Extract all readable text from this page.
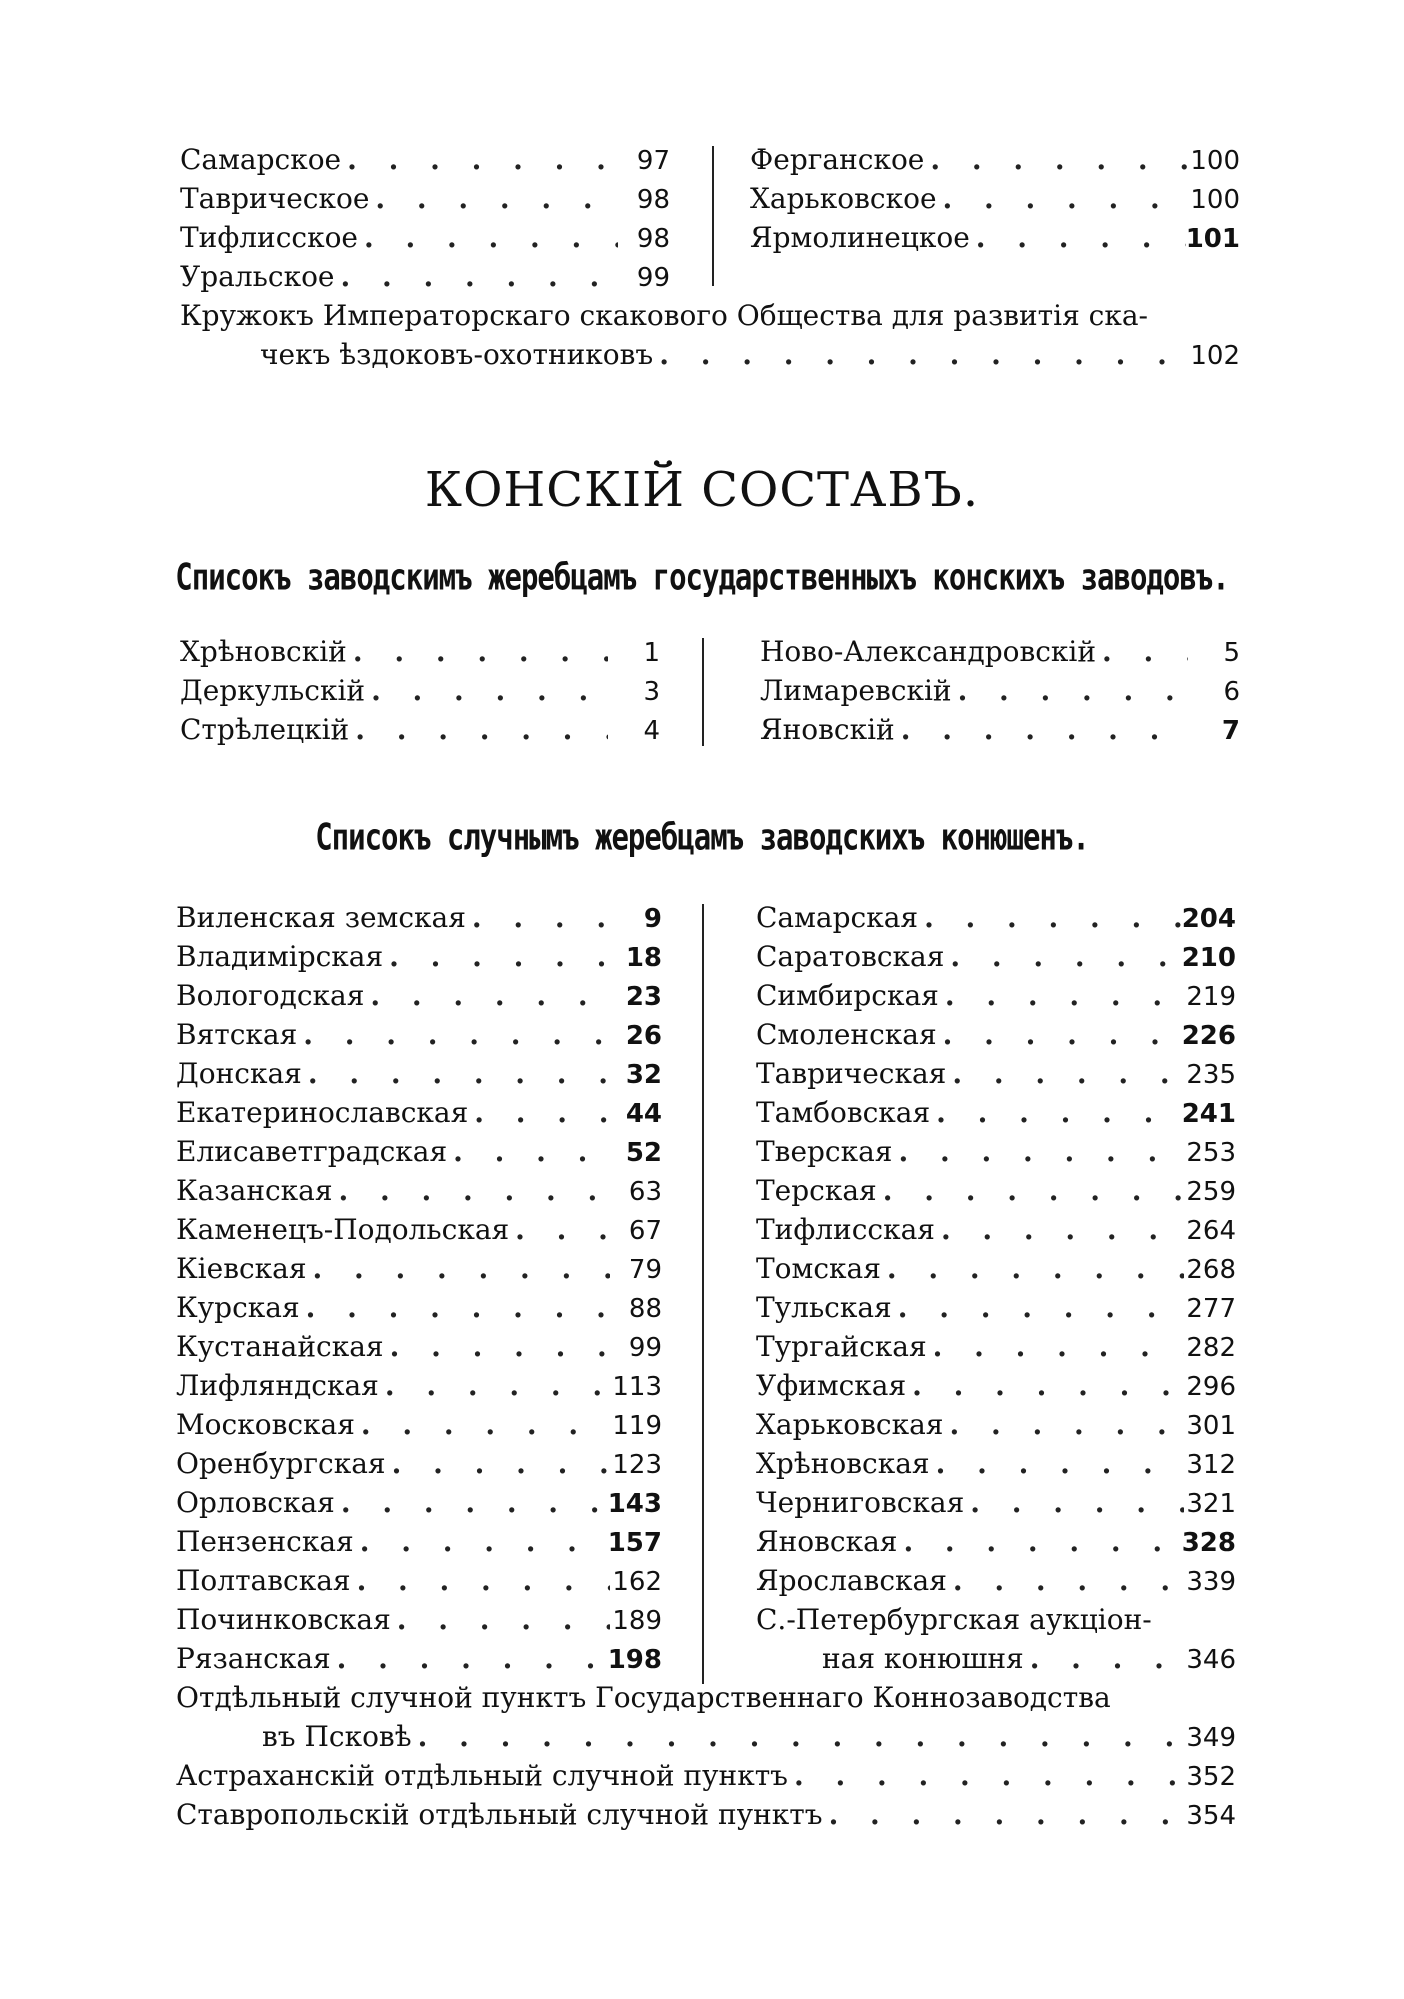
Самарское . . .	97
Таврическое . . .	98
Тифлисское . . .	98
Уральское . . .	99
Ферганское . . .	100
Харьковское . . .	100
Ярмолинецкое . . .	101
Кружокъ Императорскаго скакового Общества для развитія ска-
чекъ ѣздоковъ-охотниковъ . . .	102
КОНСКІЙ СОСТАВЪ.
Списокъ заводскимъ жеребцамъ государственныхъ конскихъ заводовъ.
Хрѣновскій . . .	1
Деркульскій . . .	3
Стрѣлецкій . . .	4
Ново-Александровскій . . .	5
Лимаревскій . . .	6
Яновскій . . .	7
Списокъ случнымъ жеребцамъ заводскихъ конюшенъ.
Виленская земская . . .	9
Владимірская . . .	18
Вологодская . . .	23
Вятская . . .	26
Донская . . .	32
Екатеринославская . . .	44
Елисаветградская . . .	52
Казанская . . .	63
Каменецъ-Подольская . . .	67
Кіевская . . .	79
Курская . . .	88
Кустанайская . . .	99
Лифляндская . . .	113
Московская . . .	119
Оренбургская . . .	123
Орловская . . .	143
Пензенская . . .	157
Полтавская . . .	162
Починковская . . .	189
Рязанская . . .	198
Самарская . . .	204
Саратовская . . .	210
Симбирская . . .	219
Смоленская . . .	226
Таврическая . . .	235
Тамбовская . . .	241
Тверская . . .	253
Терская . . .	259
Тифлисская . . .	264
Томская . . .	268
Тульская . . .	277
Тургайская . . .	282
Уфимская . . .	296
Харьковская . . .	301
Хрѣновская . . .	312
Черниговская . . .	321
Яновская . . .	328
Ярославская . . .	339
С.-Петербургская аукціон-
ная конюшня . . .	346
Отдѣльный случной пунктъ Государственнаго Коннозаводства
въ Псковѣ . . .	349
Астраханскій отдѣльный случной пунктъ . . .	352
Ставропольскій отдѣльный случной пунктъ . . .	354
